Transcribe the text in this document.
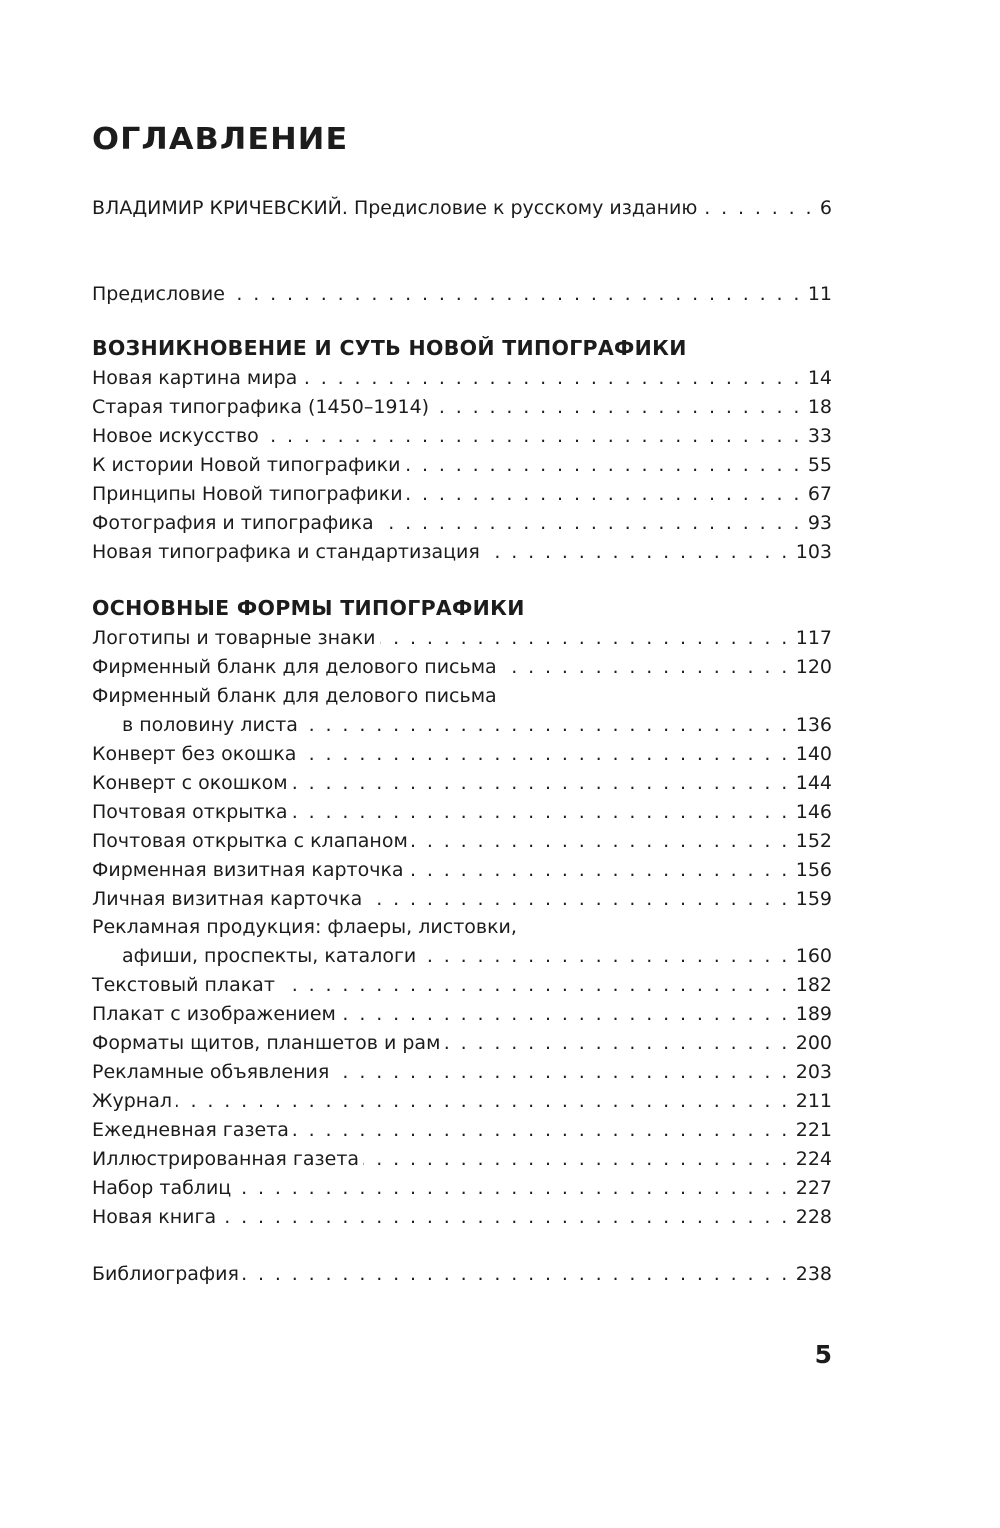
ОГЛАВЛЕНИЕ
ВЛАДИМИР КРИЧЕВСКИЙ. Предисловие к русскому изданию . . .	6
Предисловие . . .	11
ВОЗНИКНОВЕНИЕ И СУТЬ НОВОЙ ТИПОГРАФИКИ
Новая картина мира . . .	14
Старая типографика (1450–1914) . . .	18
Новое искусство . . .	33
К истории Новой типографики . . .	55
Принципы Новой типографики . . .	67
Фотография и типографика . . .	93
Новая типографика и стандартизация . . .	103
ОСНОВНЫЕ ФОРМЫ ТИПОГРАФИКИ
Логотипы и товарные знаки . . .	117
Фирменный бланк для делового письма . . .	120
Фирменный бланк для делового письма
в половину листа . . .	136
Конверт без окошка . . .	140
Конверт с окошком . . .	144
Почтовая открытка . . .	146
Почтовая открытка с клапаном . . .	152
Фирменная визитная карточка . . .	156
Личная визитная карточка . . .	159
Рекламная продукция: флаеры, листовки,
афиши, проспекты, каталоги . . .	160
Текстовый плакат . . .	182
Плакат с изображением . . .	189
Форматы щитов, планшетов и рам . . .	200
Рекламные объявления . . .	203
Журнал . . .	211
Ежедневная газета . . .	221
Иллюстрированная газета . . .	224
Набор таблиц . . .	227
Новая книга . . .	228
Библиография . . .	238
5
